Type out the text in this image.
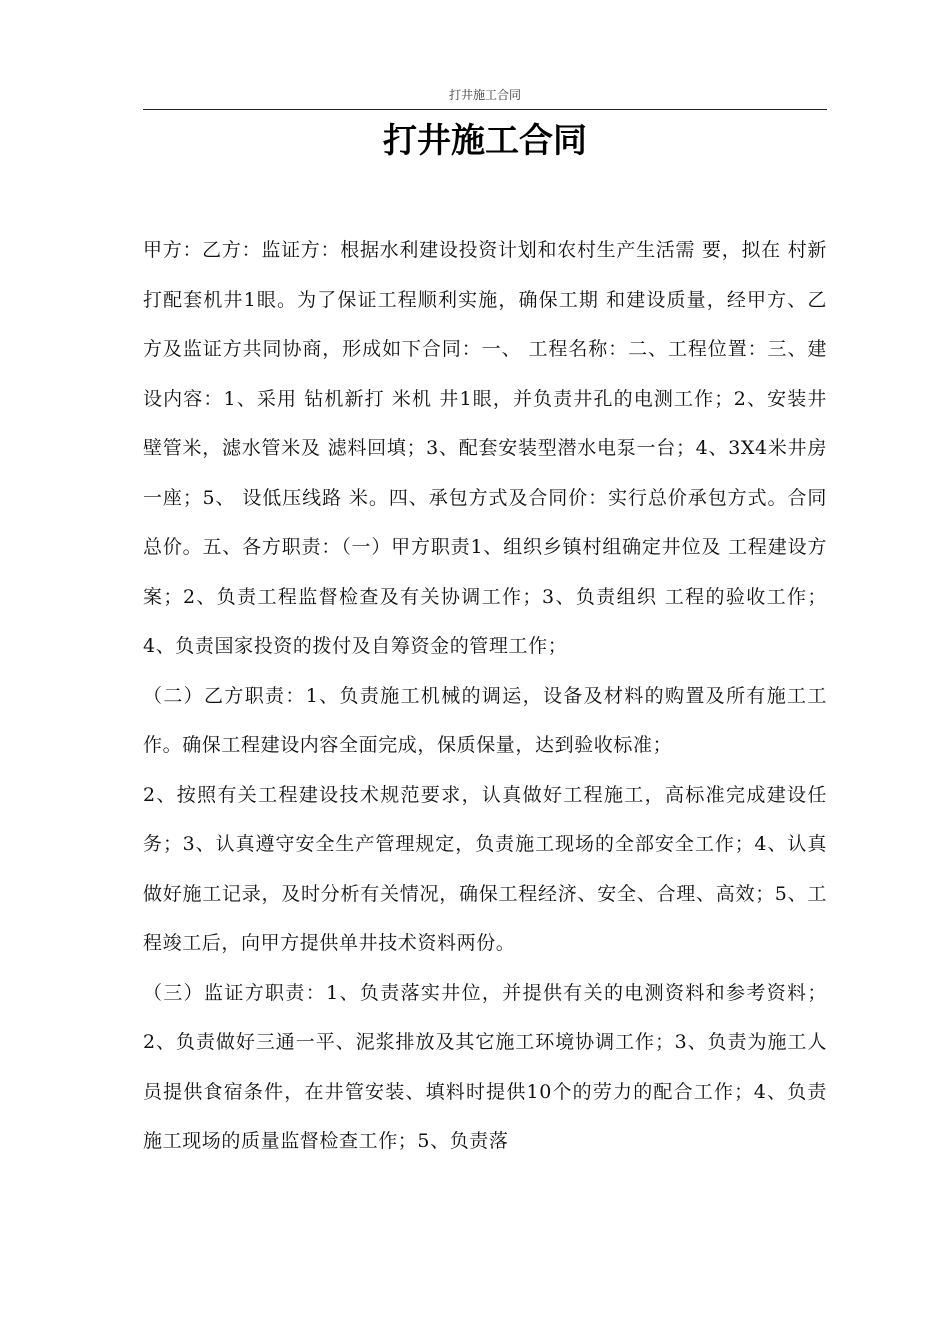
打井施工合同
打井施工合同

甲方：乙方：监证方：根据水利建设投资计划和农村生产生活需 要，拟在 村新打配套机井1眼。为了保证工程顺利实施，确保工期 和建设质量，经甲方、乙方及监证方共同协商，形成如下合同：一、 工程名称：二、工程位置：三、建设内容：1、采用 钻机新打 米机 井1眼，并负责井孔的电测工作；2、安装井壁管米，滤水管米及 滤料回填；3、配套安装型潜水电泵一台；4、3X4米井房一座；5、 设低压线路 米。四、承包方式及合同价：实行总价承包方式。合同 总价。五、各方职责：（一）甲方职责1、组织乡镇村组确定井位及 工程建设方案；2、负责工程监督检查及有关协调工作；3、负责组织 工程的验收工作；4、负责国家投资的拨付及自筹资金的管理工作；

（二）乙方职责：1、负责施工机械的调运，设备及材料的购置及所有施工工作。确保工程建设内容全面完成，保质保量，达到验收标准；

2、按照有关工程建设技术规范要求，认真做好工程施工，高标准完成建设任务；3、认真遵守安全生产管理规定，负责施工现场的全部安全工作；4、认真做好施工记录，及时分析有关情况，确保工程经济、安全、合理、高效；5、工程竣工后，向甲方提供单井技术资料两份。

（三）监证方职责：1、负责落实井位，并提供有关的电测资料和参考资料；2、负责做好三通一平、泥浆排放及其它施工环境协调工作；3、负责为施工人员提供食宿条件，在井管安装、填料时提供10个的劳力的配合工作；4、负责施工现场的质量监督检查工作；5、负责落
